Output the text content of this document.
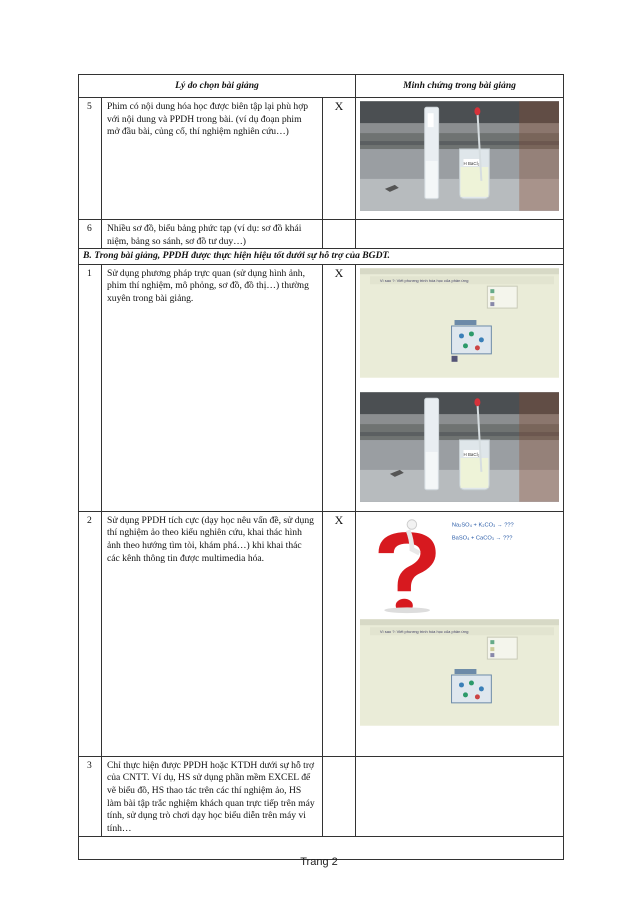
Lý do chọn bài giảng			Minh chứng trong bài giảng
5	Phim có nội dung hóa học được biên tập lại phù hợp với nội dung và PPDH trong bài. (ví dụ đoạn phim mở đầu bài, củng cố, thí nghiệm nghiên cứu…)	X	H BaCl₂

6	Nhiều sơ đồ, biểu bảng phức tạp (ví dụ: sơ đồ khái niệm, bảng so sánh, sơ đồ tư duy…)		
B. Trong bài giảng, PPDH được thực hiện hiệu tốt dưới sự hỗ trợ của BGDT.			
1	Sử dụng phương pháp trực quan (sử dụng hình ảnh, phim thí nghiệm, mô phỏng, sơ đồ, đồ thị…) thường xuyên trong bài giảng.	X	Vì sao ?: Viết phương trình hóa học của phản ứng
H BaCl₂

2	Sử dụng PPDH tích cực (dạy học nêu vấn đề, sử dụng thí nghiệm ảo theo kiểu nghiên cứu, khai thác hình ảnh theo hướng tìm tòi, khám phá…) khi khai thác các kênh thông tin được multimedia hóa.	X	Na₂SO₄ + K₂CO₃ → ???
BaSO₄ + CaCO₃ → ???
Vì sao ?: Viết phương trình hóa học của phản ứng

3	Chỉ thực hiện được PPDH hoặc KTDH dưới sự hỗ trợ của CNTT. Ví dụ, HS sử dụng phần mềm EXCEL để vẽ biểu đồ, HS thao tác trên các thí nghiệm ảo, HS làm bài tập trắc nghiệm khách quan trực tiếp trên máy tính, sử dụng trò chơi dạy học biểu diễn trên máy vi tính…		

Trang 2
